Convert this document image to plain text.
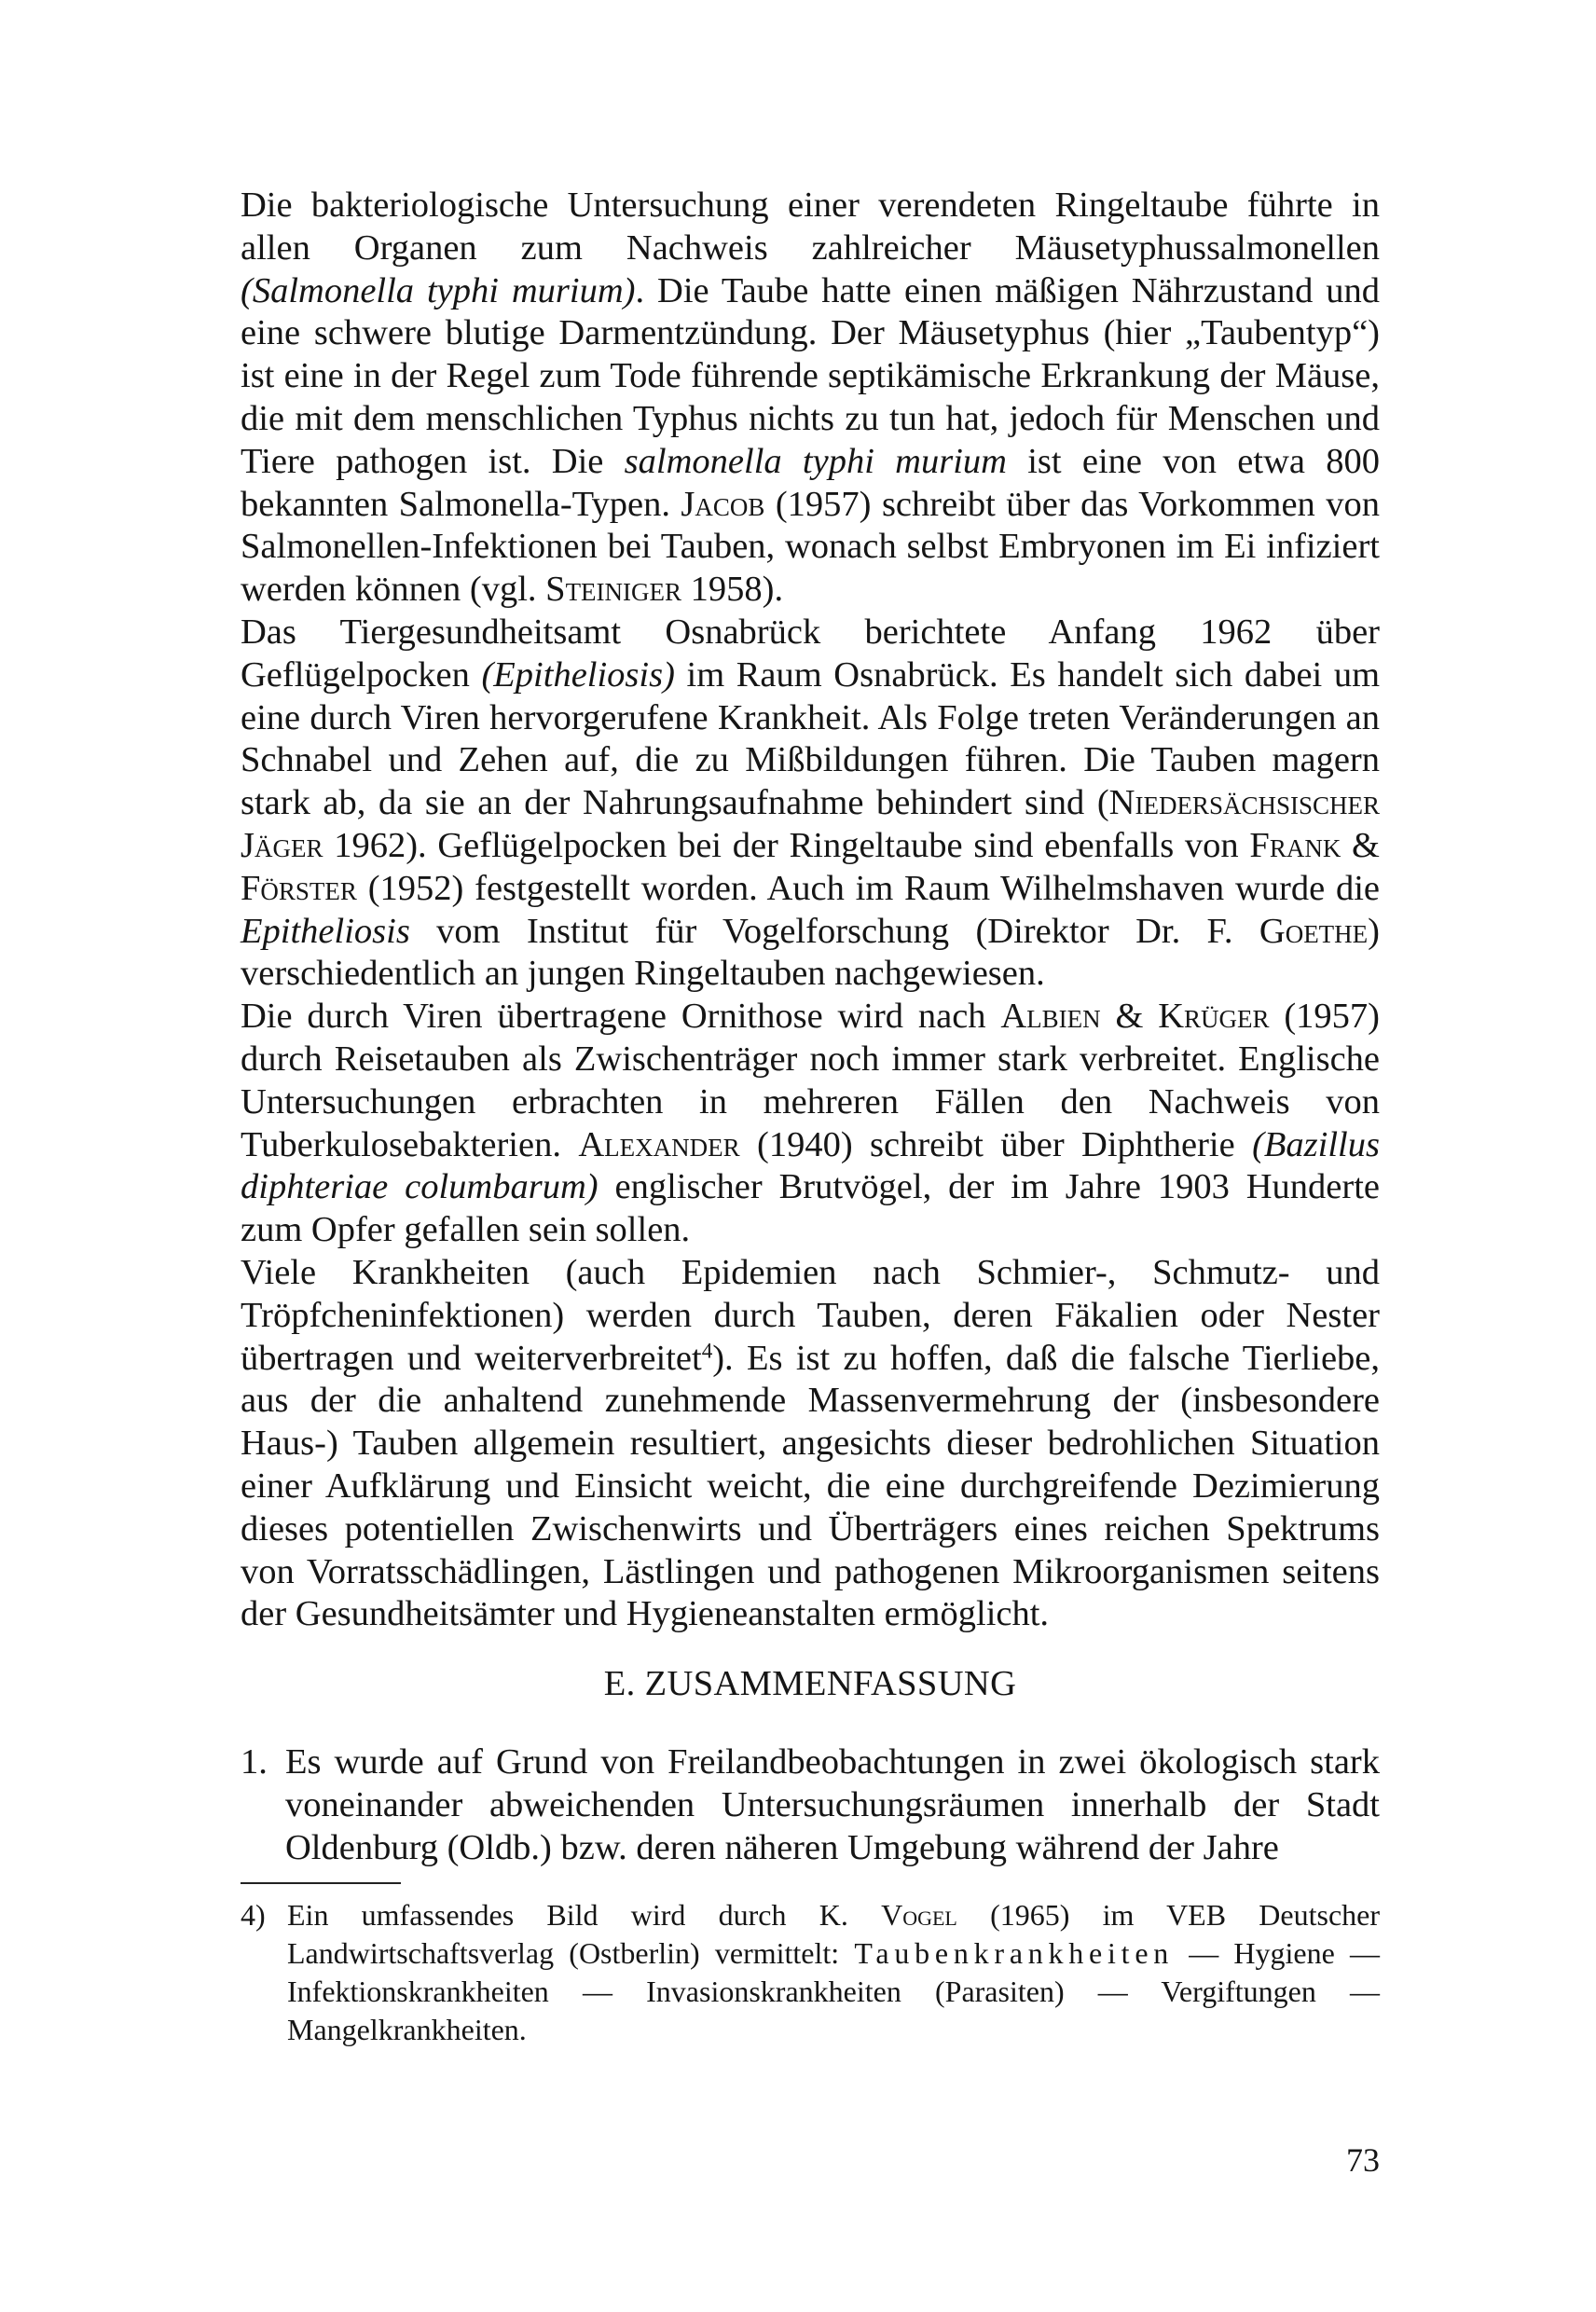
Die bakteriologische Untersuchung einer verendeten Ringeltaube führte in allen Organen zum Nachweis zahlreicher Mäusetyphussalmonellen (Salmonella typhi murium). Die Taube hatte einen mäßigen Nährzustand und eine schwere blutige Darmentzündung. Der Mäusetyphus (hier „Taubentyp“) ist eine in der Regel zum Tode führende septikämische Erkrankung der Mäuse, die mit dem menschlichen Typhus nichts zu tun hat, jedoch für Menschen und Tiere pathogen ist. Die salmonella typhi murium ist eine von etwa 800 bekannten Salmonella-Typen. Jacob (1957) schreibt über das Vorkommen von Salmonellen-Infektionen bei Tauben, wonach selbst Embryonen im Ei infiziert werden können (vgl. Steiniger 1958).

Das Tiergesundheitsamt Osnabrück berichtete Anfang 1962 über Geflügelpocken (Epitheliosis) im Raum Osnabrück. Es handelt sich dabei um eine durch Viren hervorgerufene Krankheit. Als Folge treten Veränderungen an Schnabel und Zehen auf, die zu Mißbildungen führen. Die Tauben magern stark ab, da sie an der Nahrungsaufnahme behindert sind (Niedersächsischer Jäger 1962). Geflügelpocken bei der Ringeltaube sind ebenfalls von Frank & Förster (1952) festgestellt worden. Auch im Raum Wilhelmshaven wurde die Epitheliosis vom Institut für Vogelforschung (Direktor Dr. F. Goethe) verschiedentlich an jungen Ringeltauben nachgewiesen.

Die durch Viren übertragene Ornithose wird nach Albien & Krüger (1957) durch Reisetauben als Zwischenträger noch immer stark verbreitet. Englische Untersuchungen erbrachten in mehreren Fällen den Nachweis von Tuberkulosebakterien. Alexander (1940) schreibt über Diphtherie (Bazillus diphteriae columbarum) englischer Brutvögel, der im Jahre 1903 Hunderte zum Opfer gefallen sein sollen.

Viele Krankheiten (auch Epidemien nach Schmier-, Schmutz- und Tröpfcheninfektionen) werden durch Tauben, deren Fäkalien oder Nester übertragen und weiterverbreitet$^4$). Es ist zu hoffen, daß die falsche Tierliebe, aus der die anhaltend zunehmende Massenvermehrung der (insbesondere Haus-) Tauben allgemein resultiert, angesichts dieser bedrohlichen Situation einer Aufklärung und Einsicht weicht, die eine durchgreifende Dezimierung dieses potentiellen Zwischenwirts und Überträgers eines reichen Spektrums von Vorratsschädlingen, Lästlingen und pathogenen Mikroorganismen seitens der Gesundheitsämter und Hygieneanstalten ermöglicht.

E. ZUSAMMENFASSUNG

1. Es wurde auf Grund von Freilandbeobachtungen in zwei ökologisch stark voneinander abweichenden Untersuchungsräumen innerhalb der Stadt Oldenburg (Oldb.) bzw. deren näheren Umgebung während der Jahre

4) Ein umfassendes Bild wird durch K. Vogel (1965) im VEB Deutscher Landwirtschaftsverlag (Ostberlin) vermittelt: Taubenkrankheiten — Hygiene — Infektionskrankheiten — Invasionskrankheiten (Parasiten) — Vergiftungen — Mangelkrankheiten.

73
